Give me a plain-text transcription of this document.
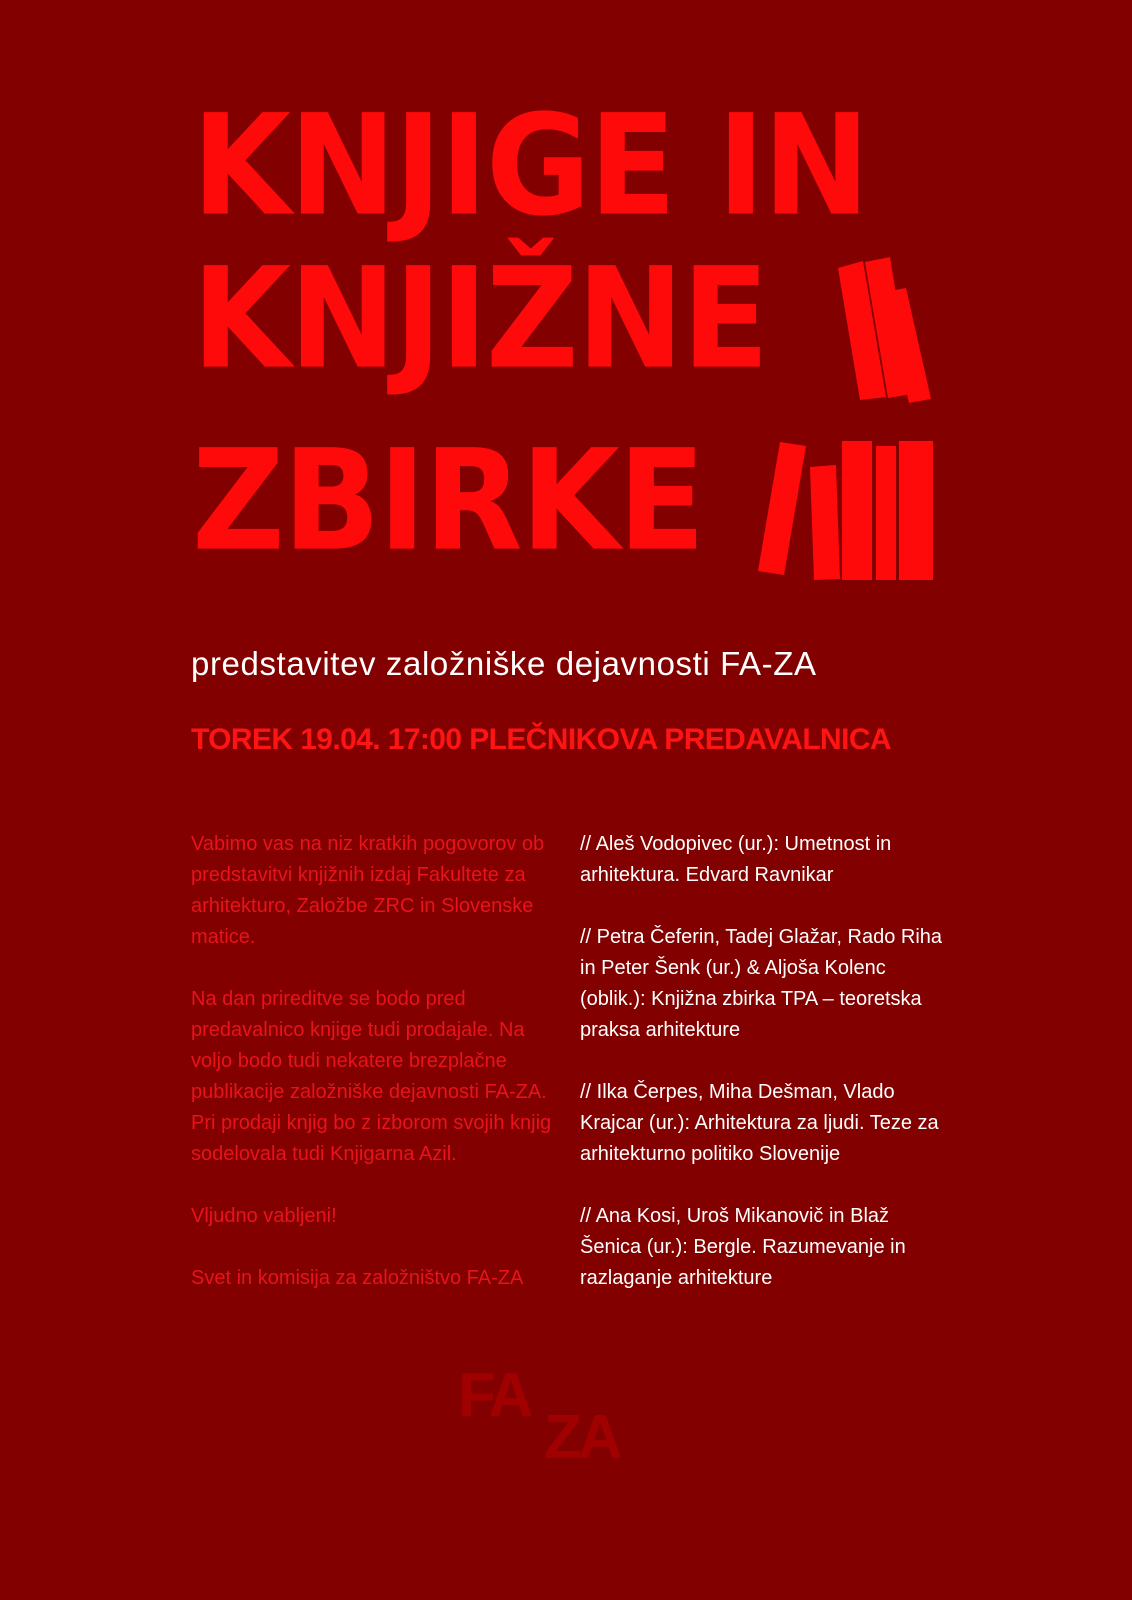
KNJIGE IN
KNJIŽNE
ZBIRKE
predstavitev založniške dejavnosti FA-ZA
TOREK 19.04. 17:00 PLEČNIKOVA PREDAVALNICA

Vabimo vas na niz kratkih pogovorov ob predstavitvi knjižnih izdaj Fakultete za arhitekturo, Založbe ZRC in Slovenske matice.

Na dan prireditve se bodo pred predavalnico knjige tudi prodajale. Na voljo bodo tudi nekatere brezplačne publikacije založniške dejavnosti FA-ZA. Pri prodaji knjig bo z izborom svojih knjig sodelovala tudi Knjigarna Azil.

Vljudno vabljeni!

Svet in komisija za založništvo FA-ZA

// Aleš Vodopivec (ur.): Umetnost in arhitektura. Edvard Ravnikar

// Petra Čeferin, Tadej Glažar, Rado Riha in Peter Šenk (ur.) & Aljoša Kolenc (oblik.): Knjižna zbirka TPA – teoretska praksa arhitekture

// Ilka Čerpes, Miha Dešman, Vlado Krajcar (ur.): Arhitektura za ljudi. Teze za arhitekturno politiko Slovenije

// Ana Kosi, Uroš Mikanovič in Blaž Šenica (ur.): Bergle. Razumevanje in razlaganje arhitekture

FA
ZA
